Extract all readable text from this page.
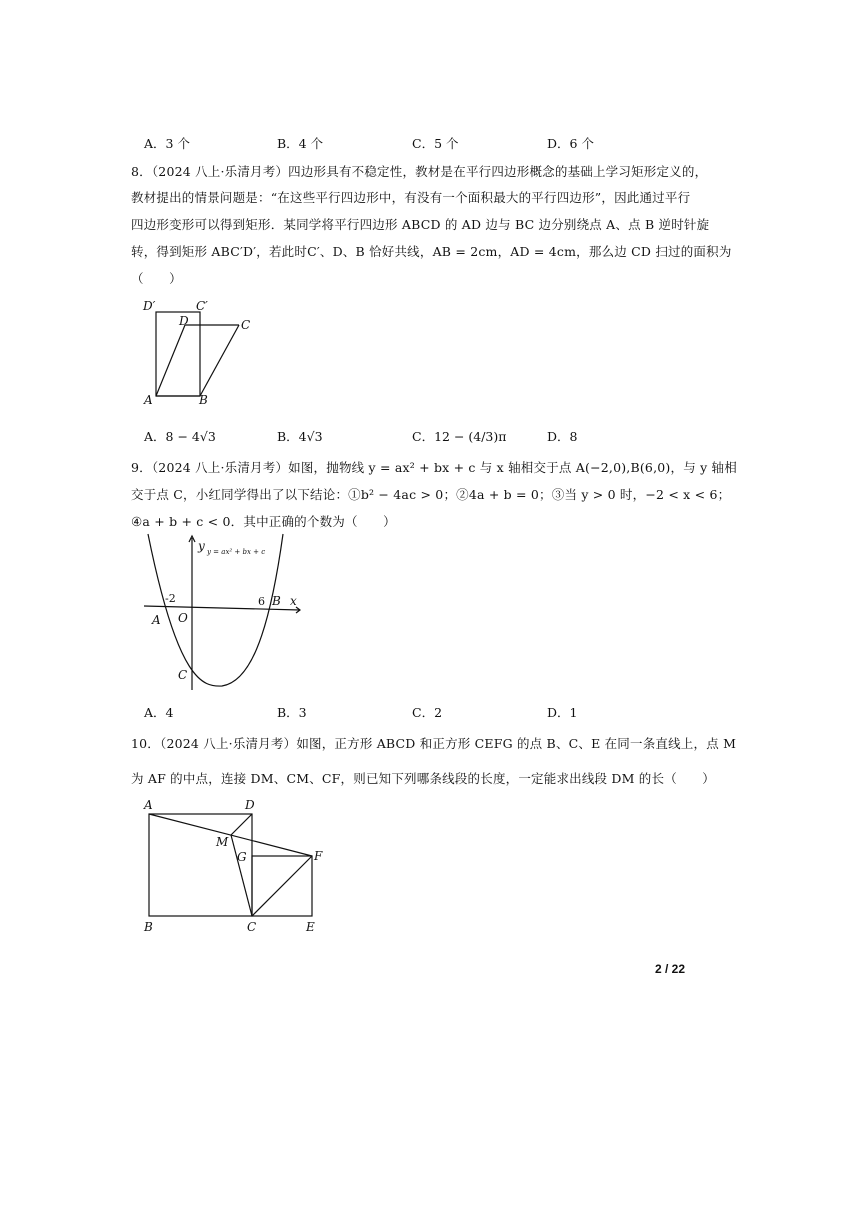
A．3 个	B．4 个	C．5 个	D．6 个
8．（2024 八上·乐清月考）四边形具有不稳定性，教材是在平行四边形概念的基础上学习矩形定义的，
教材提出的情景问题是：“在这些平行四边形中，有没有一个面积最大的平行四边形”，因此通过平行
四边形变形可以得到矩形．某同学将平行四边形 ABCD 的 AD 边与 BC 边分别绕点 A、点 B 逆时针旋
转，得到矩形 ABC′D′，若此时C′、D、B 恰好共线，AB = 2cm，AD = 4cm，那么边 CD 扫过的面积为
（　　）
D′	C′
D	C
A	B
A．8 − 4√3	B．4√3	C．12 − (4/3)π	D．8
9．（2024 八上·乐清月考）如图，抛物线 y = ax² + bx + c 与 x 轴相交于点 A(−2,0),B(6,0)，与 y 轴相
交于点 C，小红同学得出了以下结论：①b² − 4ac > 0；②4a + b = 0；③当 y > 0 时，−2 < x < 6；
④a + b + c < 0．其中正确的个数为（　　）
y y = ax² + bx + c
-2	6 B x
A O
C
A．4	B．3	C．2	D．1
10．（2024 八上·乐清月考）如图，正方形 ABCD 和正方形 CEFG 的点 B、C、E 在同一条直线上，点 M
为 AF 的中点，连接 DM、CM、CF，则已知下列哪条线段的长度，一定能求出线段 DM 的长（　　）
A	D
M
G	F
B	C	E
2 / 22
